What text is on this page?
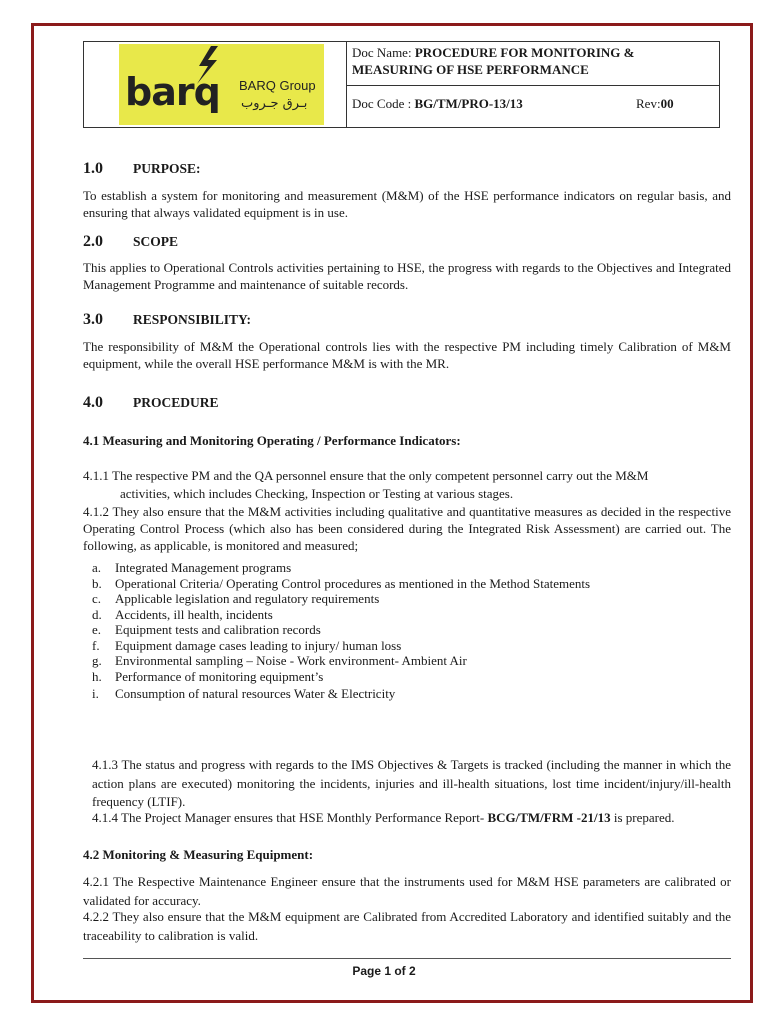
barq BARQ Group
بـرق جـروب
Doc Name: PROCEDURE FOR MONITORING & MEASURING OF HSE PERFORMANCE
Doc Code : BG/TM/PRO-13/13	Rev:00
1.0 PURPOSE:
To establish a system for monitoring and measurement (M&M) of the HSE performance indicators on regular basis, and ensuring that always validated equipment is in use.
2.0 SCOPE
This applies to Operational Controls activities pertaining to HSE, the progress with regards to the Objectives and Integrated Management Programme and maintenance of suitable records.
3.0 RESPONSIBILITY:
The responsibility of M&M the Operational controls lies with the respective PM including timely Calibration of M&M equipment, while the overall HSE performance M&M is with the MR.
4.0 PROCEDURE
4.1 Measuring and Monitoring Operating / Performance Indicators:
4.1.1 The respective PM and the QA personnel ensure that the only competent personnel carry out the M&M
activities, which includes Checking, Inspection or Testing at various stages.
4.1.2 They also ensure that the M&M activities including qualitative and quantitative measures as decided in the respective Operating Control Process (which also has been considered during the Integrated Risk Assessment) are carried out. The following, as applicable, is monitored and measured;
a. Integrated Management programs
b. Operational Criteria/ Operating Control procedures as mentioned in the Method Statements
c. Applicable legislation and regulatory requirements
d. Accidents, ill health, incidents
e. Equipment tests and calibration records
f. Equipment damage cases leading to injury/ human loss
g. Environmental sampling – Noise - Work environment- Ambient Air
h. Performance of monitoring equipment’s
i. Consumption of natural resources Water & Electricity
4.1.3 The status and progress with regards to the IMS Objectives & Targets is tracked (including the manner in which the action plans are executed) monitoring the incidents, injuries and ill-health situations, lost time incident/injury/ill-health frequency (LTIF).
4.1.4 The Project Manager ensures that HSE Monthly Performance Report- BCG/TM/FRM -21/13 is prepared.
4.2 Monitoring & Measuring Equipment:
4.2.1 The Respective Maintenance Engineer ensure that the instruments used for M&M HSE parameters are calibrated or validated for accuracy.
4.2.2 They also ensure that the M&M equipment are Calibrated from Accredited Laboratory and identified suitably and the traceability to calibration is valid.
Page 1 of 2
